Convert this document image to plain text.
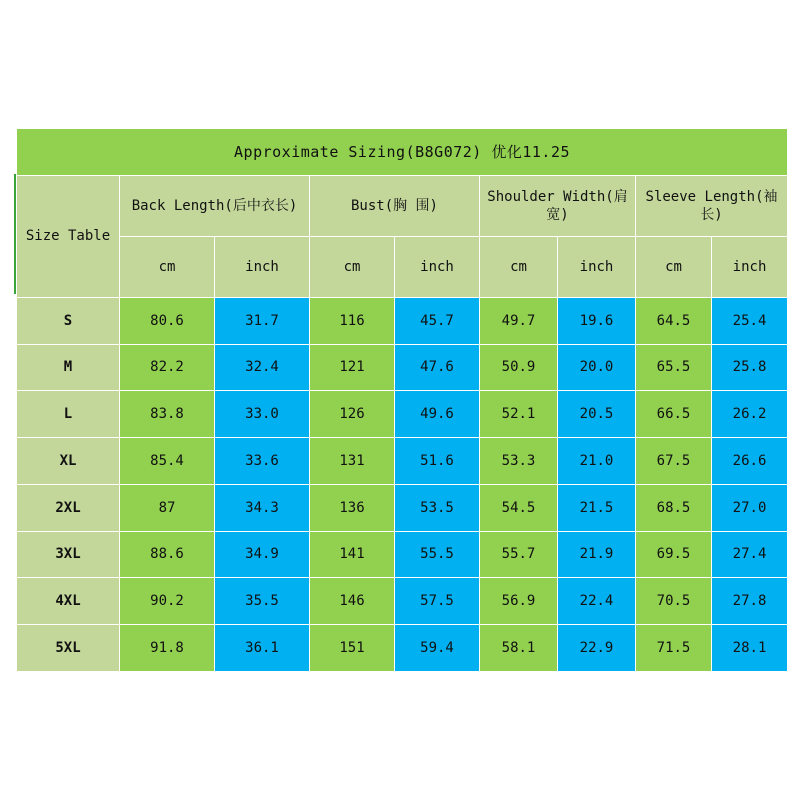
Approximate Sizing(B8G072) 优化11.25								
Size Table	Back Length(后中衣长)		Bust(胸 围)		Shoulder Width(肩宽)		Sleeve Length(袖长)	
	cm	inch	cm	inch	cm	inch	cm	inch
S	80.6	31.7	116	45.7	49.7	19.6	64.5	25.4
M	82.2	32.4	121	47.6	50.9	20.0	65.5	25.8
L	83.8	33.0	126	49.6	52.1	20.5	66.5	26.2
XL	85.4	33.6	131	51.6	53.3	21.0	67.5	26.6
2XL	87	34.3	136	53.5	54.5	21.5	68.5	27.0
3XL	88.6	34.9	141	55.5	55.7	21.9	69.5	27.4
4XL	90.2	35.5	146	57.5	56.9	22.4	70.5	27.8
5XL	91.8	36.1	151	59.4	58.1	22.9	71.5	28.1
